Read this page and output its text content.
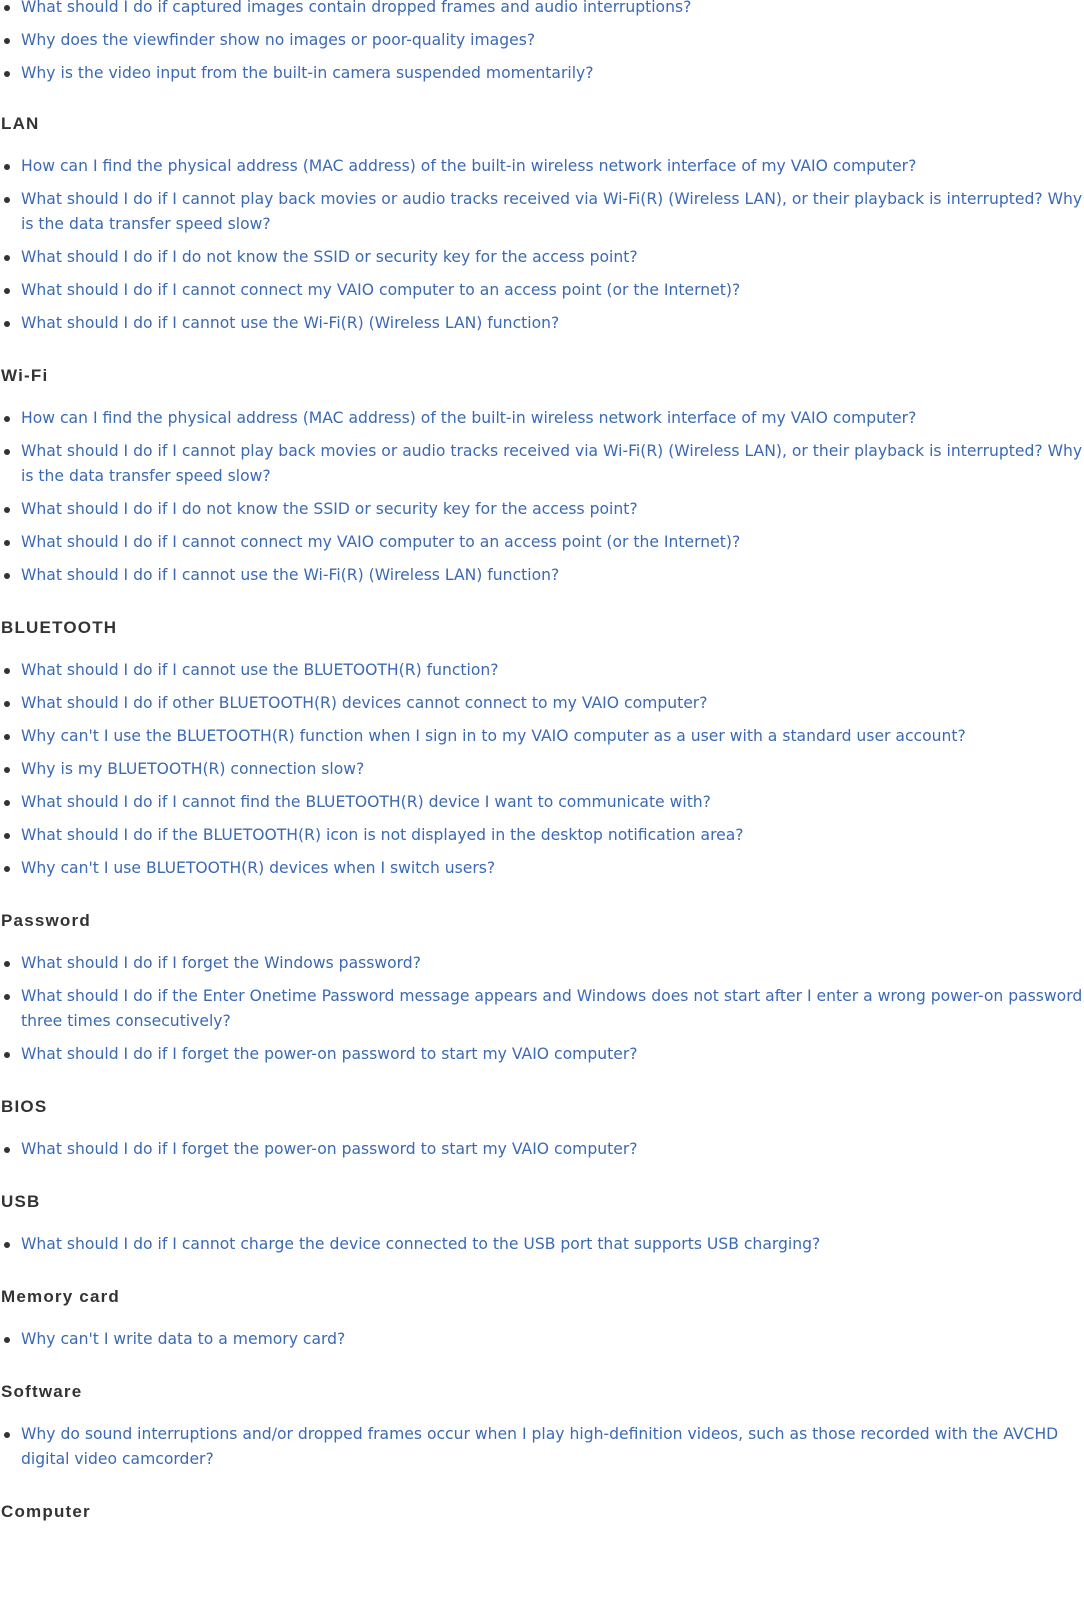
What should I do if captured images contain dropped frames and audio interruptions?
Why does the viewfinder show no images or poor-quality images?
Why is the video input from the built-in camera suspended momentarily?
LAN
How can I find the physical address (MAC address) of the built-in wireless network interface of my VAIO computer?
What should I do if I cannot play back movies or audio tracks received via Wi-Fi(R) (Wireless LAN), or their playback is interrupted? Why is the data transfer speed slow?
What should I do if I do not know the SSID or security key for the access point?
What should I do if I cannot connect my VAIO computer to an access point (or the Internet)?
What should I do if I cannot use the Wi-Fi(R) (Wireless LAN) function?
Wi-Fi
How can I find the physical address (MAC address) of the built-in wireless network interface of my VAIO computer?
What should I do if I cannot play back movies or audio tracks received via Wi-Fi(R) (Wireless LAN), or their playback is interrupted? Why is the data transfer speed slow?
What should I do if I do not know the SSID or security key for the access point?
What should I do if I cannot connect my VAIO computer to an access point (or the Internet)?
What should I do if I cannot use the Wi-Fi(R) (Wireless LAN) function?
BLUETOOTH
What should I do if I cannot use the BLUETOOTH(R) function?
What should I do if other BLUETOOTH(R) devices cannot connect to my VAIO computer?
Why can't I use the BLUETOOTH(R) function when I sign in to my VAIO computer as a user with a standard user account?
Why is my BLUETOOTH(R) connection slow?
What should I do if I cannot find the BLUETOOTH(R) device I want to communicate with?
What should I do if the BLUETOOTH(R) icon is not displayed in the desktop notification area?
Why can't I use BLUETOOTH(R) devices when I switch users?
Password
What should I do if I forget the Windows password?
What should I do if the Enter Onetime Password message appears and Windows does not start after I enter a wrong power-on password three times consecutively?
What should I do if I forget the power-on password to start my VAIO computer?
BIOS
What should I do if I forget the power-on password to start my VAIO computer?
USB
What should I do if I cannot charge the device connected to the USB port that supports USB charging?
Memory card
Why can't I write data to a memory card?
Software
Why do sound interruptions and/or dropped frames occur when I play high-definition videos, such as those recorded with the AVCHD digital video camcorder?
Computer
